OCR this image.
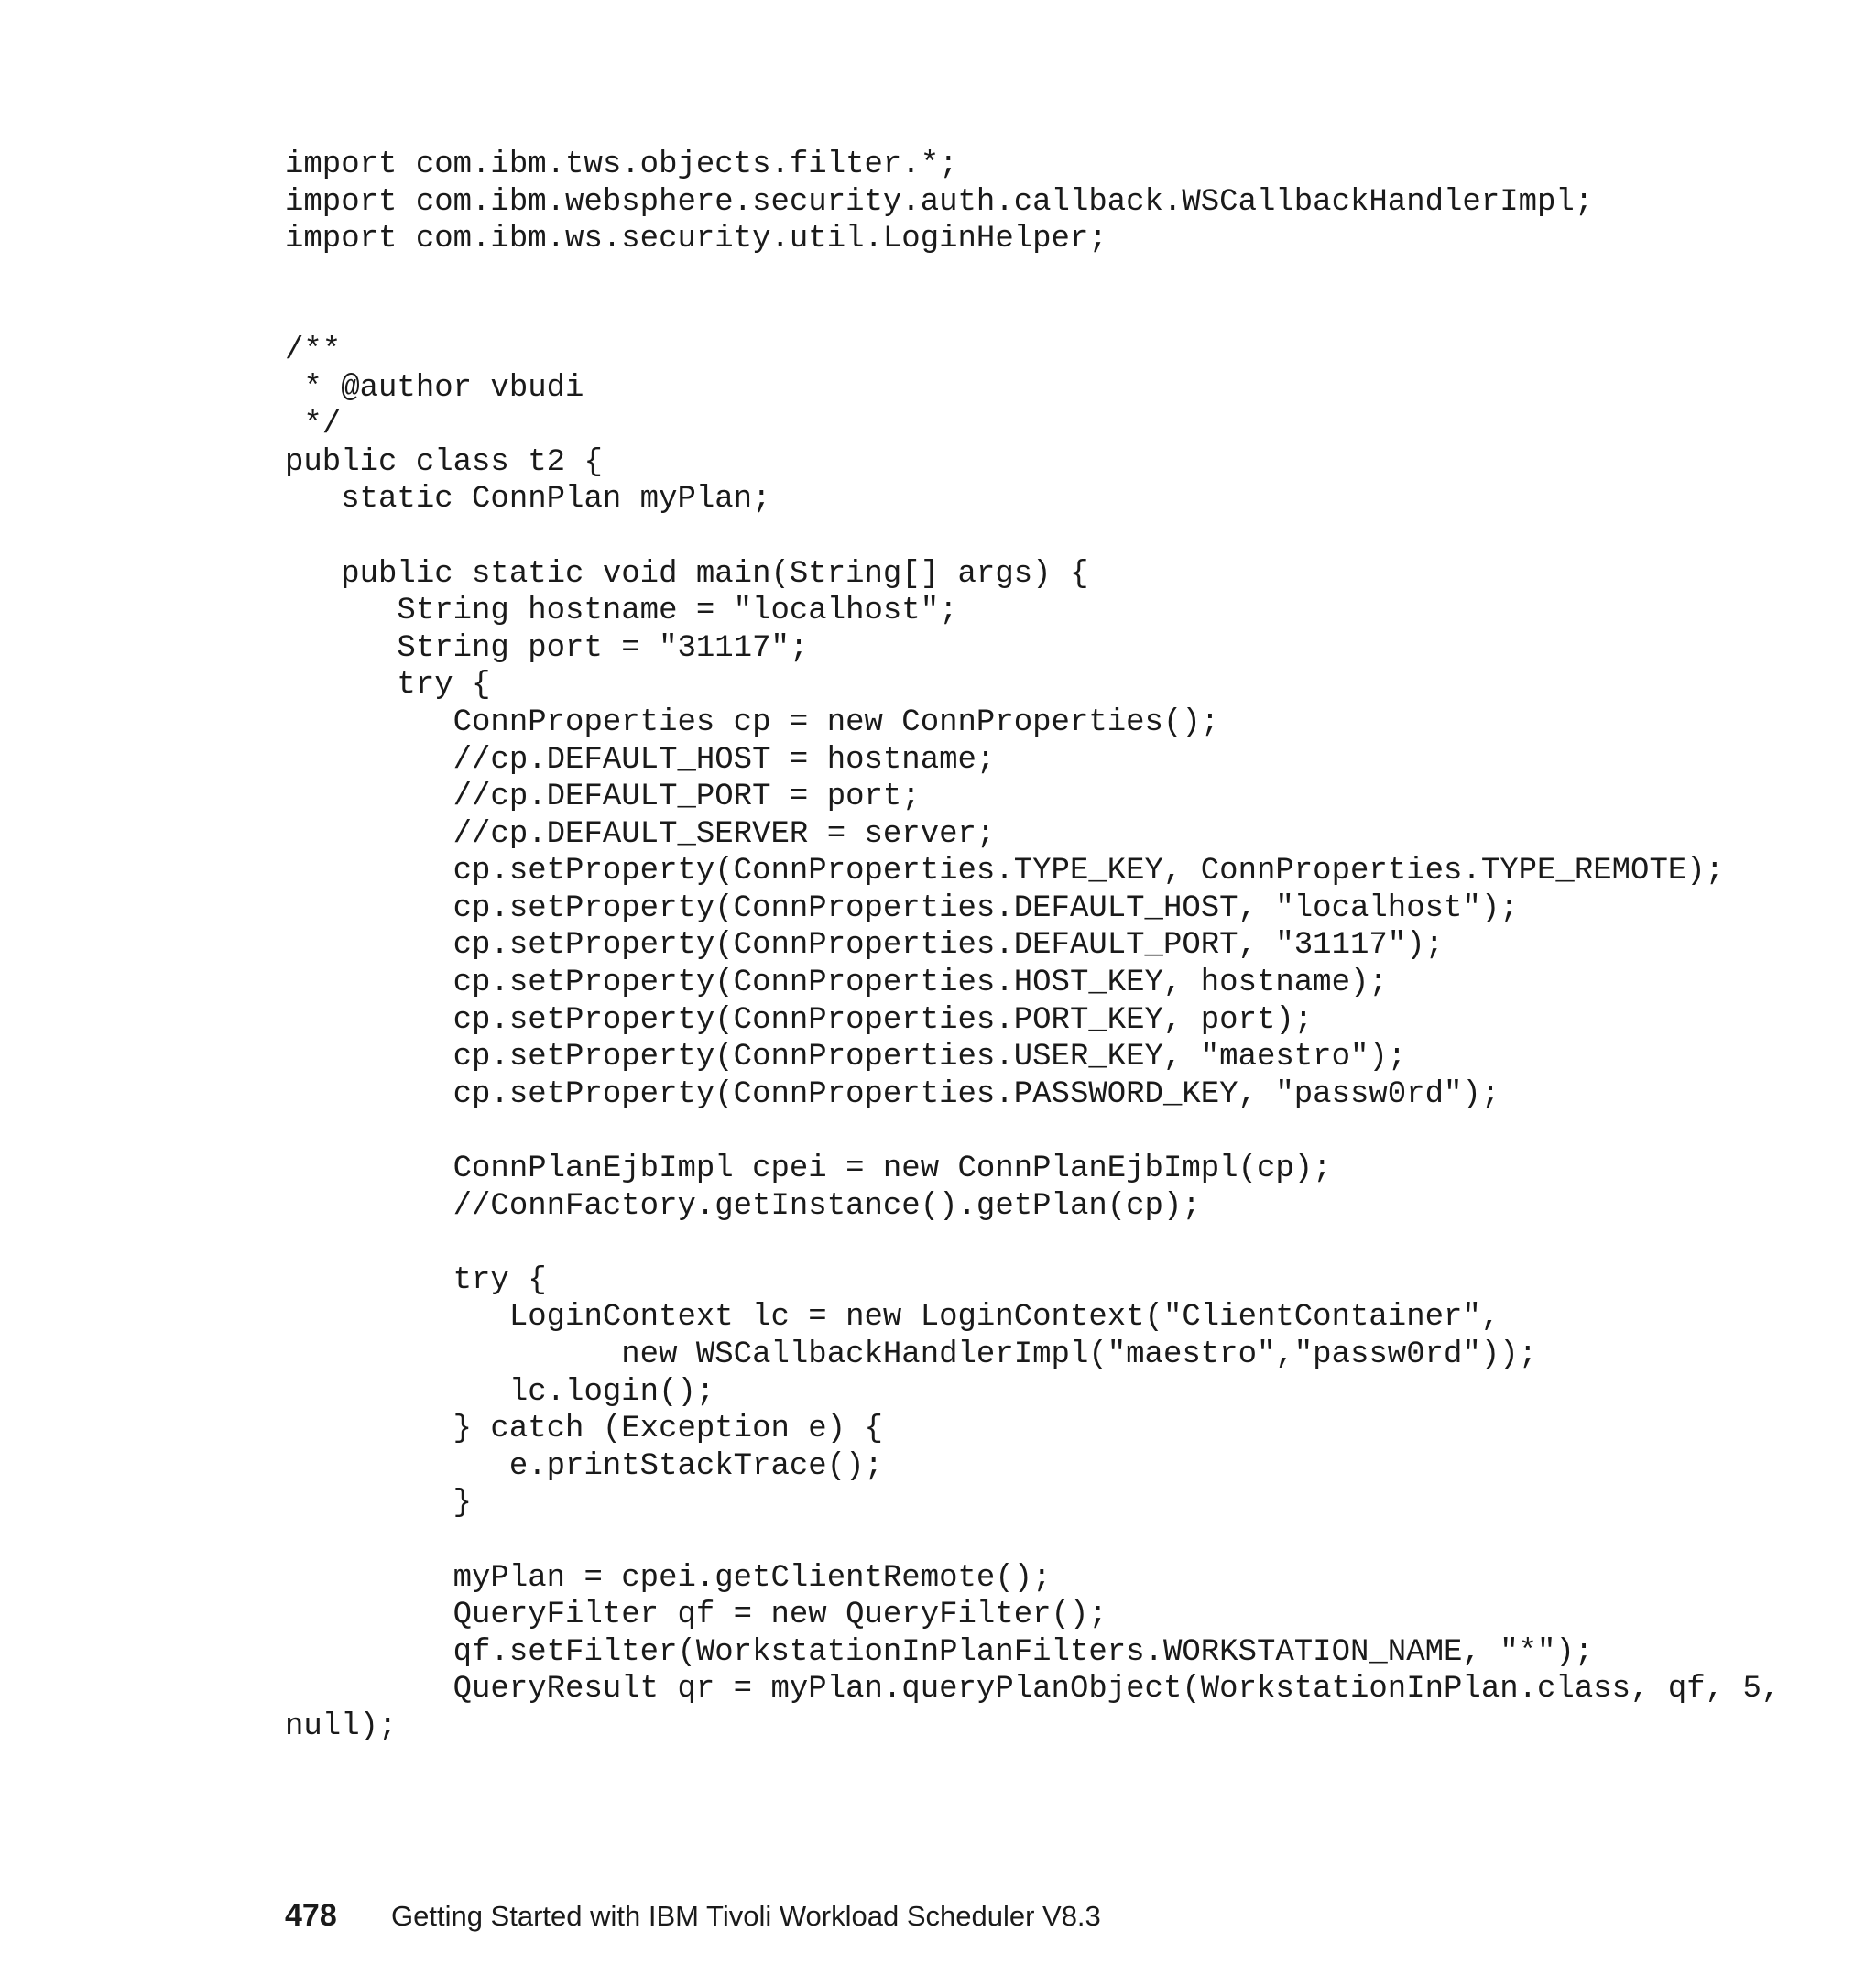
import com.ibm.tws.objects.filter.*;
import com.ibm.websphere.security.auth.callback.WSCallbackHandlerImpl;
import com.ibm.ws.security.util.LoginHelper;
/**
* @author vbudi
*/
public class t2 {
static ConnPlan myPlan;
public static void main(String[] args) {
String hostname = "localhost";
String port = "31117";
try {
ConnProperties cp = new ConnProperties();
//cp.DEFAULT_HOST = hostname;
//cp.DEFAULT_PORT = port;
//cp.DEFAULT_SERVER = server;
cp.setProperty(ConnProperties.TYPE_KEY, ConnProperties.TYPE_REMOTE);
cp.setProperty(ConnProperties.DEFAULT_HOST, "localhost");
cp.setProperty(ConnProperties.DEFAULT_PORT, "31117");
cp.setProperty(ConnProperties.HOST_KEY, hostname);
cp.setProperty(ConnProperties.PORT_KEY, port);
cp.setProperty(ConnProperties.USER_KEY, "maestro");
cp.setProperty(ConnProperties.PASSWORD_KEY, "passw0rd");
ConnPlanEjbImpl cpei = new ConnPlanEjbImpl(cp);
//ConnFactory.getInstance().getPlan(cp);
try {
LoginContext lc = new LoginContext("ClientContainer",
new WSCallbackHandlerImpl("maestro","passw0rd"));
lc.login();
} catch (Exception e) {
e.printStackTrace();
}
myPlan = cpei.getClientRemote();
QueryFilter qf = new QueryFilter();
qf.setFilter(WorkstationInPlanFilters.WORKSTATION_NAME, "*");
QueryResult qr = myPlan.queryPlanObject(WorkstationInPlan.class, qf, 5,
null);
478 Getting Started with IBM Tivoli Workload Scheduler V8.3
